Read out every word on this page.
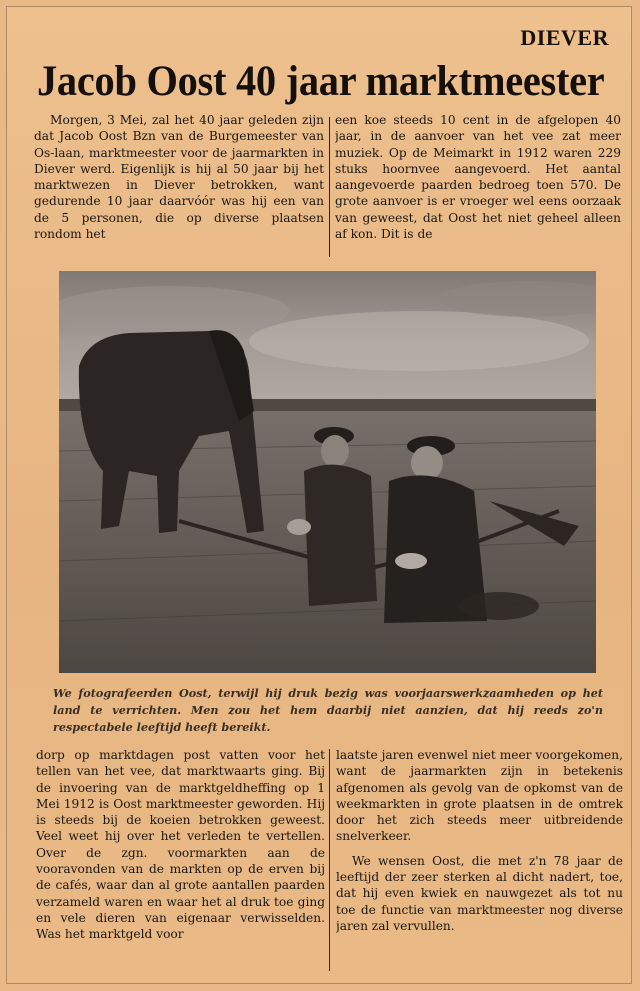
DIEVER
Jacob Oost 40 jaar marktmeester

Morgen, 3 Mei, zal het 40 jaar geleden zijn dat Jacob Oost Bzn van de Burgemeester van Os-laan, marktmeester voor de jaarmarkten in Diever werd. Eigenlijk is hij al 50 jaar bij het marktwezen in Diever betrokken, want gedurende 10 jaar daarvóór was hij een van de 5 personen, die op diverse plaatsen rondom het

een koe steeds 10 cent in de afgelopen 40 jaar, in de aanvoer van het vee zat meer muziek. Op de Meimarkt in 1912 waren 229 stuks hoornvee aangevoerd. Het aantal aangevoerde paarden bedroeg toen 570. De grote aanvoer is er vroeger wel eens oorzaak van geweest, dat Oost het niet geheel alleen af kon. Dit is de

We fotografeerden Oost, terwijl hij druk bezig was voorjaarswerkzaamheden op het land te verrichten. Men zou het hem daarbij niet aanzien, dat hij reeds zo'n respectabele leeftijd heeft bereikt.

dorp op marktdagen post vatten voor het tellen van het vee, dat marktwaarts ging. Bij de invoering van de marktgeldheffing op 1 Mei 1912 is Oost marktmeester geworden. Hij is steeds bij de koeien betrokken geweest. Veel weet hij over het verleden te vertellen. Over de zgn. voormarkten aan de vooravonden van de markten op de erven bij de cafés, waar dan al grote aantallen paarden verzameld waren en waar het al druk toe ging en vele dieren van eigenaar verwisselden. Was het marktgeld voor

laatste jaren evenwel niet meer voorgekomen, want de jaarmarkten zijn in betekenis afgenomen als gevolg van de opkomst van de weekmarkten in grote plaatsen in de omtrek door het zich steeds meer uitbreidende snelverkeer.

We wensen Oost, die met z'n 78 jaar de leeftijd der zeer sterken al dicht nadert, toe, dat hij even kwiek en nauwgezet als tot nu toe de functie van marktmeester nog diverse jaren zal vervullen.
